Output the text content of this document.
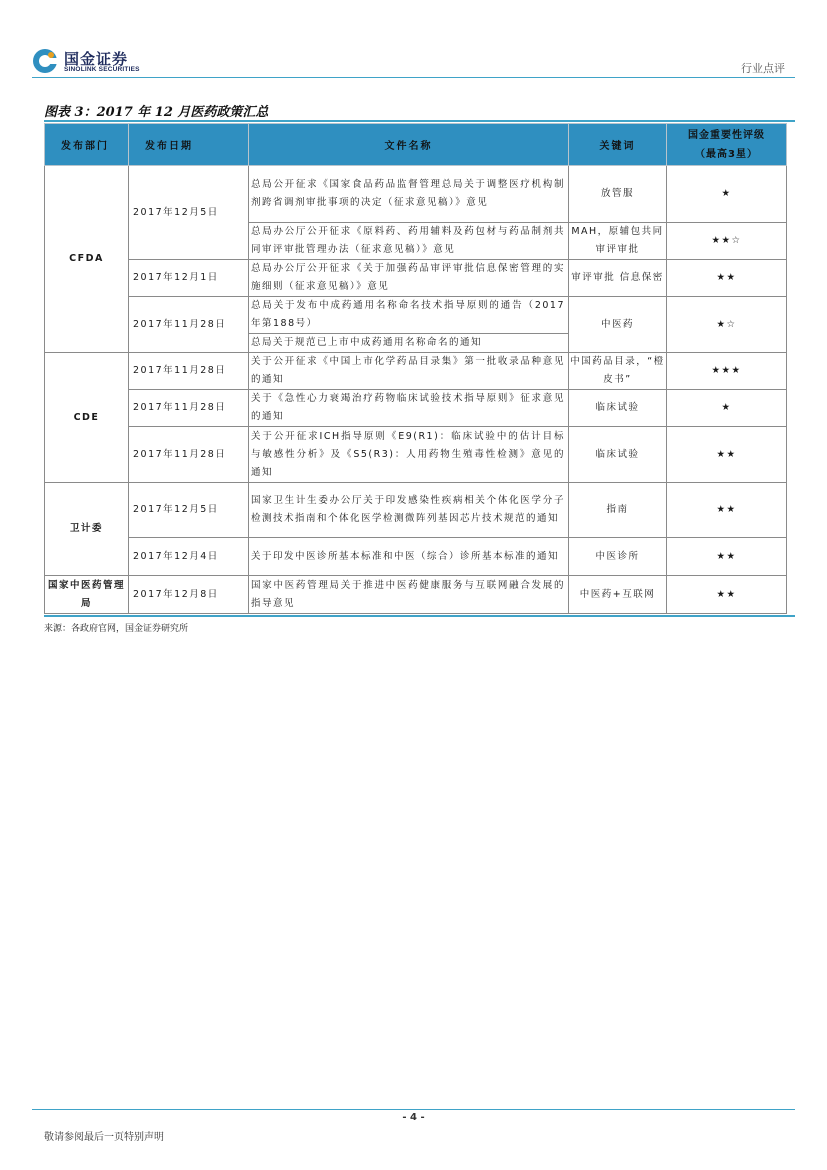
国金证券
SINOLINK SECURITIES	行业点评
图表 3：2017 年 12 月医药政策汇总
发布部门	发布日期	文件名称	关键词	国金重要性评级
（最高3星）

CFDA	2017年12月5日	总局公开征求《国家食品药品监督管理总局关于调整医疗机构制剂跨省调剂审批事项的决定（征求意见稿）》意见	放管服	★
		总局办公厅公开征求《原料药、药用辅料及药包材与药品制剂共同审评审批管理办法（征求意见稿）》意见	MAH，原辅包共同审评审批	★★☆
	2017年12月1日	总局办公厅公开征求《关于加强药品审评审批信息保密管理的实施细则（征求意见稿）》意见	审评审批 信息保密	★★
	2017年11月28日	总局关于发布中成药通用名称命名技术指导原则的通告（2017年第188号）	中医药	★☆
		总局关于规范已上市中成药通用名称命名的通知		
CDE	2017年11月28日	关于公开征求《中国上市化学药品目录集》第一批收录品种意见的通知	中国药品目录，“橙皮书”	★★★
	2017年11月28日	关于《急性心力衰竭治疗药物临床试验技术指导原则》征求意见的通知	临床试验	★
	2017年11月28日	关于公开征求ICH指导原则《E9(R1)：临床试验中的估计目标与敏感性分析》及《S5(R3)：人用药物生殖毒性检测》意见的通知	临床试验	★★
卫计委	2017年12月5日	国家卫生计生委办公厅关于印发感染性疾病相关个体化医学分子检测技术指南和个体化医学检测微阵列基因芯片技术规范的通知	指南	★★
	2017年12月4日	关于印发中医诊所基本标准和中医（综合）诊所基本标准的通知	中医诊所	★★
国家中医药管理局	2017年12月8日	国家中医药管理局关于推进中医药健康服务与互联网融合发展的指导意见	中医药+互联网	★★
来源：各政府官网，国金证券研究所
- 4 -
敬请参阅最后一页特别声明
